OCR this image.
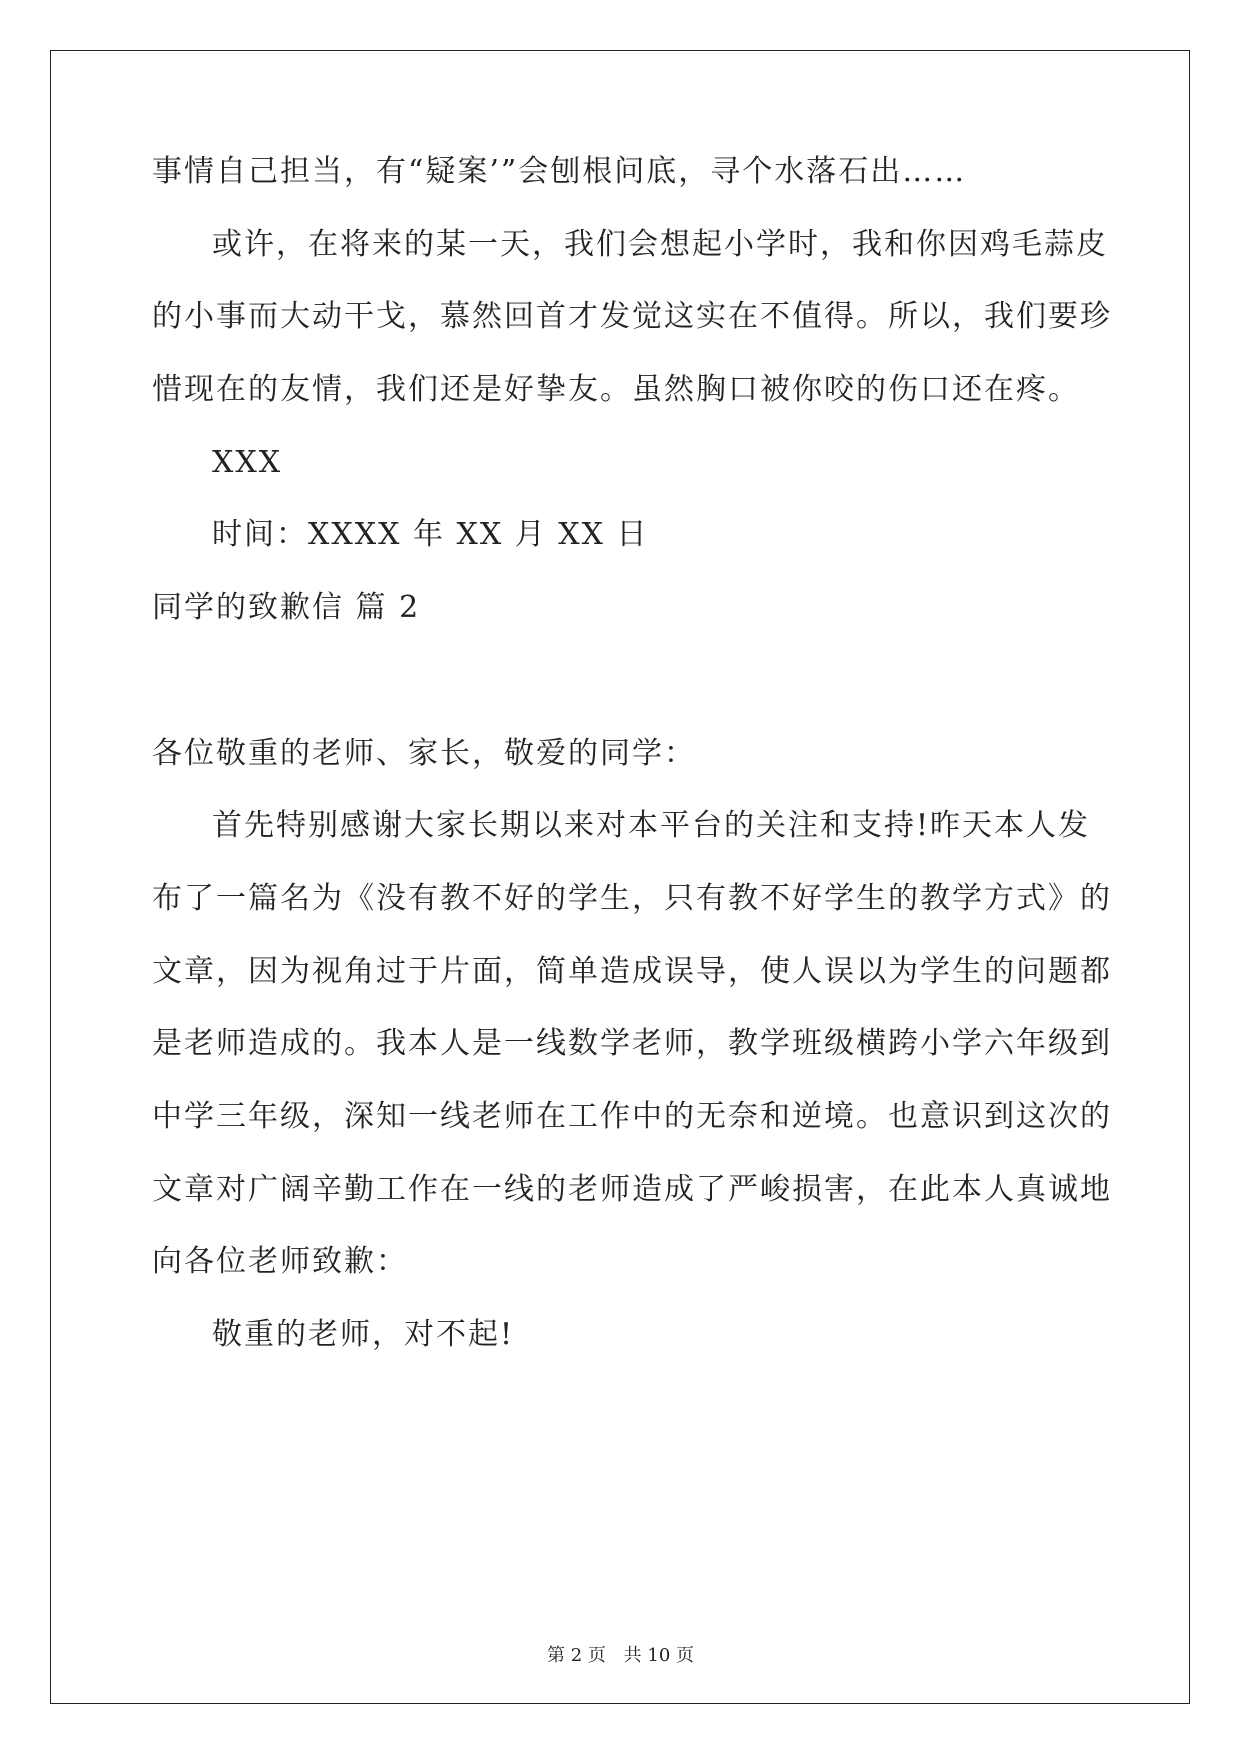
事情自己担当，有“疑案’”会刨根问底，寻个水落石出……
或许，在将来的某一天，我们会想起小学时，我和你因鸡毛蒜皮
的小事而大动干戈，慕然回首才发觉这实在不值得。所以，我们要珍
惜现在的友情，我们还是好挚友。虽然胸口被你咬的伤口还在疼。
XXX
时间：XXXX 年 XX 月 XX 日
同学的致歉信 篇 2
各位敬重的老师、家长，敬爱的同学：
首先特别感谢大家长期以来对本平台的关注和支持!昨天本人发
布了一篇名为《没有教不好的学生，只有教不好学生的教学方式》的
文章，因为视角过于片面，简单造成误导，使人误以为学生的问题都
是老师造成的。我本人是一线数学老师，教学班级横跨小学六年级到
中学三年级，深知一线老师在工作中的无奈和逆境。也意识到这次的
文章对广阔辛勤工作在一线的老师造成了严峻损害，在此本人真诚地
向各位老师致歉：
敬重的老师，对不起!
第 2 页 共 10 页
